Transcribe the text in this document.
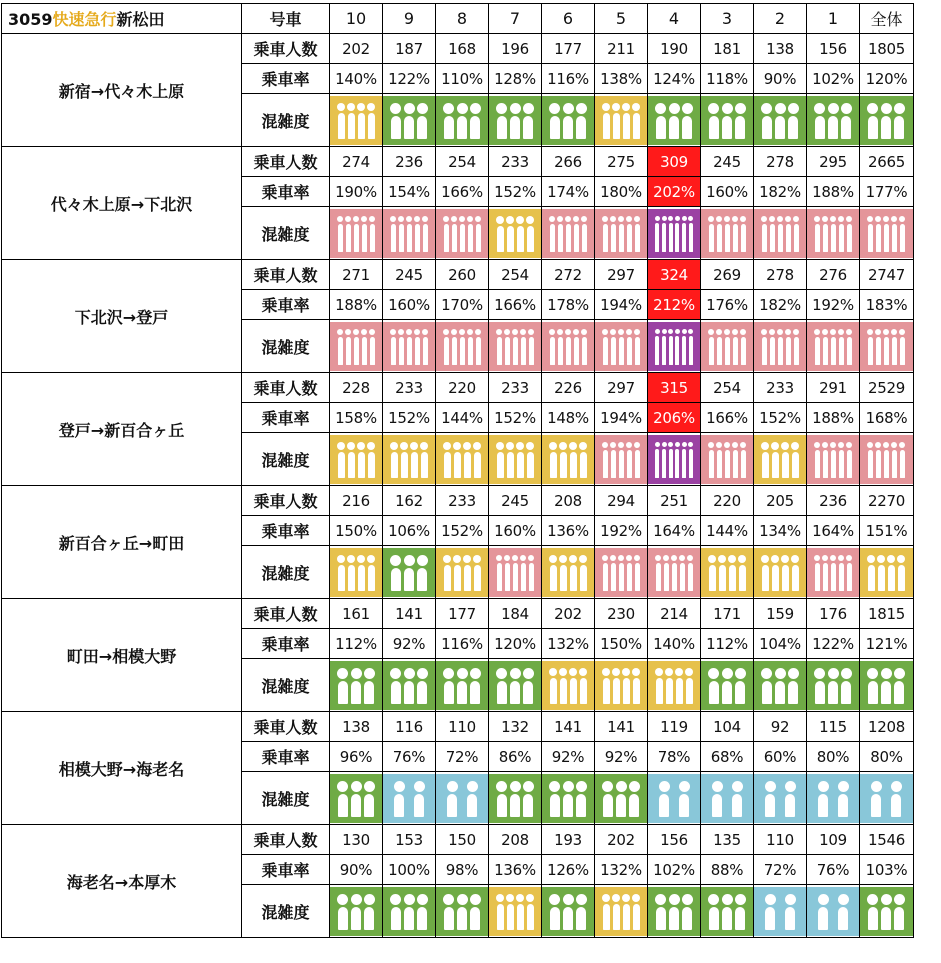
3059快速急行新松田	号車	10	9	8	7	6	5	4	3	2	1	全体
新宿→代々木上原	乗車人数	202	187	168	196	177	211	190	181	138	156	1805
	乗車率	140%	122%	110%	128%	116%	138%	124%	118%	90%	102%	120%
	混雑度	

代々木上原→下北沢	乗車人数	274	236	254	233	266	275	309	245	278	295	2665
	乗車率	190%	154%	166%	152%	174%	180%	202%	160%	182%	188%	177%
	混雑度	

下北沢→登戸	乗車人数	271	245	260	254	272	297	324	269	278	276	2747
	乗車率	188%	160%	170%	166%	178%	194%	212%	176%	182%	192%	183%
	混雑度	

登戸→新百合ヶ丘	乗車人数	228	233	220	233	226	297	315	254	233	291	2529
	乗車率	158%	152%	144%	152%	148%	194%	206%	166%	152%	188%	168%
	混雑度	

新百合ヶ丘→町田	乗車人数	216	162	233	245	208	294	251	220	205	236	2270
	乗車率	150%	106%	152%	160%	136%	192%	164%	144%	134%	164%	151%
	混雑度	

町田→相模大野	乗車人数	161	141	177	184	202	230	214	171	159	176	1815
	乗車率	112%	92%	116%	120%	132%	150%	140%	112%	104%	122%	121%
	混雑度	

相模大野→海老名	乗車人数	138	116	110	132	141	141	119	104	92	115	1208
	乗車率	96%	76%	72%	86%	92%	92%	78%	68%	60%	80%	80%
	混雑度	

海老名→本厚木	乗車人数	130	153	150	208	193	202	156	135	110	109	1546
	乗車率	90%	100%	98%	136%	126%	132%	102%	88%	72%	76%	103%
	混雑度	
